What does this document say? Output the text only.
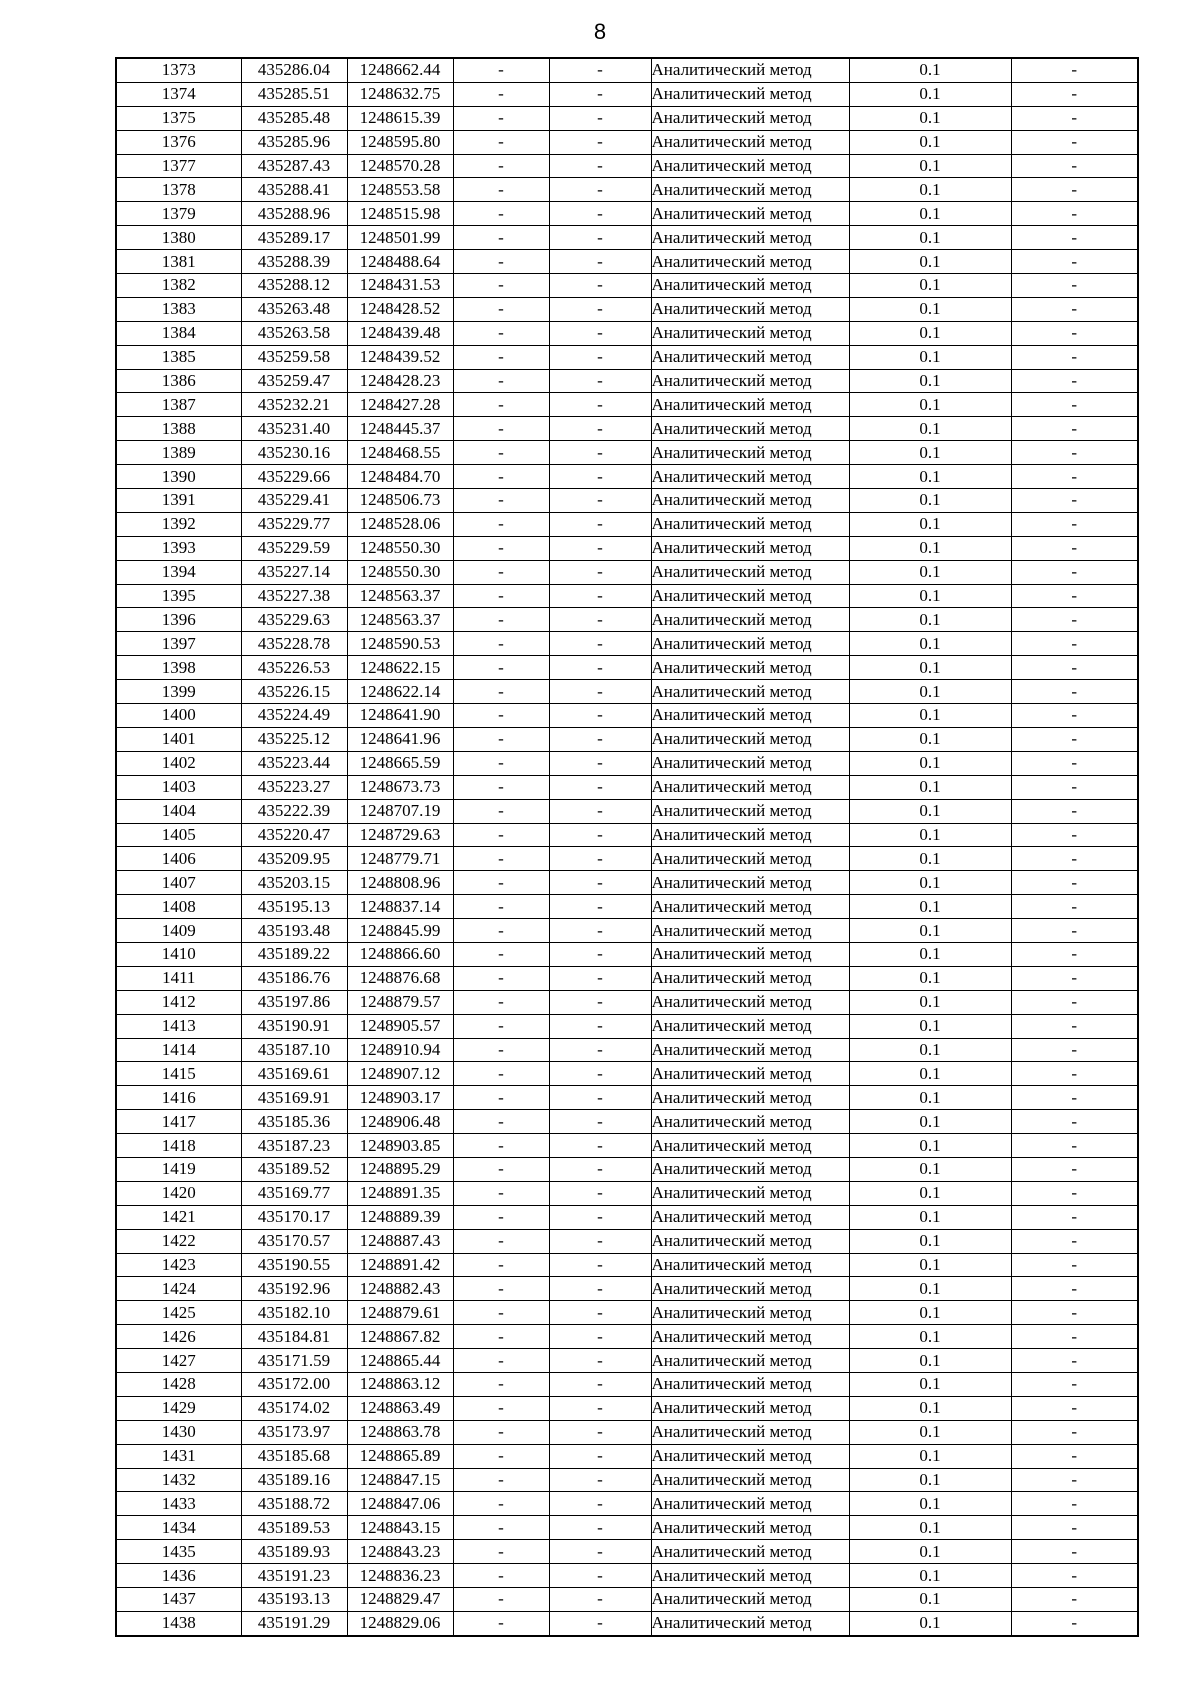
8
1373	435286.04	1248662.44	-	-	Аналитический метод	0.1	-
1374	435285.51	1248632.75	-	-	Аналитический метод	0.1	-
1375	435285.48	1248615.39	-	-	Аналитический метод	0.1	-
1376	435285.96	1248595.80	-	-	Аналитический метод	0.1	-
1377	435287.43	1248570.28	-	-	Аналитический метод	0.1	-
1378	435288.41	1248553.58	-	-	Аналитический метод	0.1	-
1379	435288.96	1248515.98	-	-	Аналитический метод	0.1	-
1380	435289.17	1248501.99	-	-	Аналитический метод	0.1	-
1381	435288.39	1248488.64	-	-	Аналитический метод	0.1	-
1382	435288.12	1248431.53	-	-	Аналитический метод	0.1	-
1383	435263.48	1248428.52	-	-	Аналитический метод	0.1	-
1384	435263.58	1248439.48	-	-	Аналитический метод	0.1	-
1385	435259.58	1248439.52	-	-	Аналитический метод	0.1	-
1386	435259.47	1248428.23	-	-	Аналитический метод	0.1	-
1387	435232.21	1248427.28	-	-	Аналитический метод	0.1	-
1388	435231.40	1248445.37	-	-	Аналитический метод	0.1	-
1389	435230.16	1248468.55	-	-	Аналитический метод	0.1	-
1390	435229.66	1248484.70	-	-	Аналитический метод	0.1	-
1391	435229.41	1248506.73	-	-	Аналитический метод	0.1	-
1392	435229.77	1248528.06	-	-	Аналитический метод	0.1	-
1393	435229.59	1248550.30	-	-	Аналитический метод	0.1	-
1394	435227.14	1248550.30	-	-	Аналитический метод	0.1	-
1395	435227.38	1248563.37	-	-	Аналитический метод	0.1	-
1396	435229.63	1248563.37	-	-	Аналитический метод	0.1	-
1397	435228.78	1248590.53	-	-	Аналитический метод	0.1	-
1398	435226.53	1248622.15	-	-	Аналитический метод	0.1	-
1399	435226.15	1248622.14	-	-	Аналитический метод	0.1	-
1400	435224.49	1248641.90	-	-	Аналитический метод	0.1	-
1401	435225.12	1248641.96	-	-	Аналитический метод	0.1	-
1402	435223.44	1248665.59	-	-	Аналитический метод	0.1	-
1403	435223.27	1248673.73	-	-	Аналитический метод	0.1	-
1404	435222.39	1248707.19	-	-	Аналитический метод	0.1	-
1405	435220.47	1248729.63	-	-	Аналитический метод	0.1	-
1406	435209.95	1248779.71	-	-	Аналитический метод	0.1	-
1407	435203.15	1248808.96	-	-	Аналитический метод	0.1	-
1408	435195.13	1248837.14	-	-	Аналитический метод	0.1	-
1409	435193.48	1248845.99	-	-	Аналитический метод	0.1	-
1410	435189.22	1248866.60	-	-	Аналитический метод	0.1	-
1411	435186.76	1248876.68	-	-	Аналитический метод	0.1	-
1412	435197.86	1248879.57	-	-	Аналитический метод	0.1	-
1413	435190.91	1248905.57	-	-	Аналитический метод	0.1	-
1414	435187.10	1248910.94	-	-	Аналитический метод	0.1	-
1415	435169.61	1248907.12	-	-	Аналитический метод	0.1	-
1416	435169.91	1248903.17	-	-	Аналитический метод	0.1	-
1417	435185.36	1248906.48	-	-	Аналитический метод	0.1	-
1418	435187.23	1248903.85	-	-	Аналитический метод	0.1	-
1419	435189.52	1248895.29	-	-	Аналитический метод	0.1	-
1420	435169.77	1248891.35	-	-	Аналитический метод	0.1	-
1421	435170.17	1248889.39	-	-	Аналитический метод	0.1	-
1422	435170.57	1248887.43	-	-	Аналитический метод	0.1	-
1423	435190.55	1248891.42	-	-	Аналитический метод	0.1	-
1424	435192.96	1248882.43	-	-	Аналитический метод	0.1	-
1425	435182.10	1248879.61	-	-	Аналитический метод	0.1	-
1426	435184.81	1248867.82	-	-	Аналитический метод	0.1	-
1427	435171.59	1248865.44	-	-	Аналитический метод	0.1	-
1428	435172.00	1248863.12	-	-	Аналитический метод	0.1	-
1429	435174.02	1248863.49	-	-	Аналитический метод	0.1	-
1430	435173.97	1248863.78	-	-	Аналитический метод	0.1	-
1431	435185.68	1248865.89	-	-	Аналитический метод	0.1	-
1432	435189.16	1248847.15	-	-	Аналитический метод	0.1	-
1433	435188.72	1248847.06	-	-	Аналитический метод	0.1	-
1434	435189.53	1248843.15	-	-	Аналитический метод	0.1	-
1435	435189.93	1248843.23	-	-	Аналитический метод	0.1	-
1436	435191.23	1248836.23	-	-	Аналитический метод	0.1	-
1437	435193.13	1248829.47	-	-	Аналитический метод	0.1	-
1438	435191.29	1248829.06	-	-	Аналитический метод	0.1	-
